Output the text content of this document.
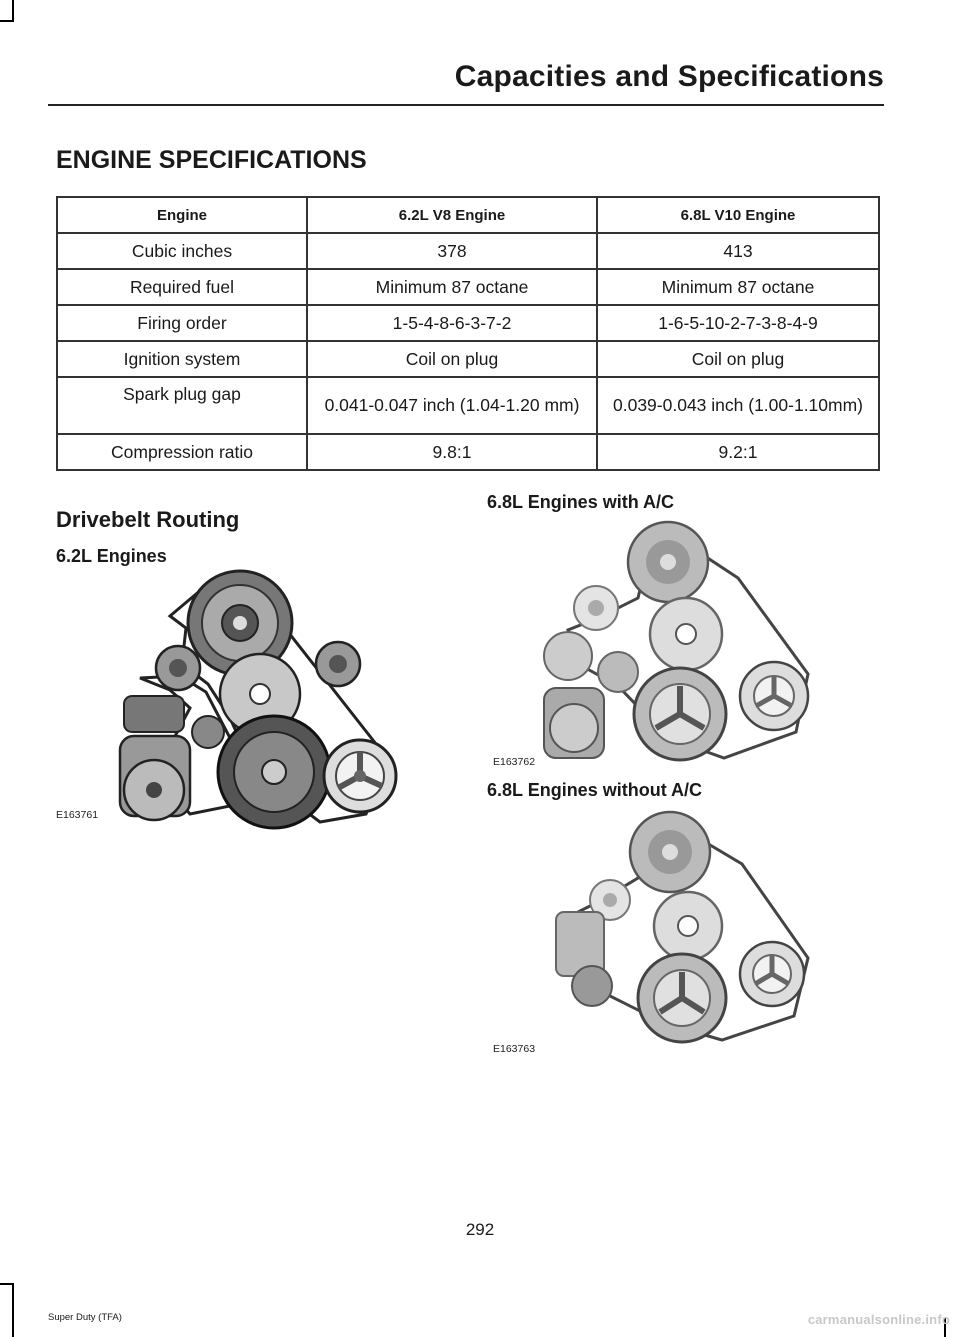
Capacities and Specifications
ENGINE SPECIFICATIONS
Engine	6.2L V8 Engine	6.8L V10 Engine
Cubic inches	378	413
Required fuel	Minimum 87 octane	Minimum 87 octane
Firing order	1-5-4-8-6-3-7-2	1-6-5-10-2-7-3-8-4-9
Ignition system	Coil on plug	Coil on plug
Spark plug gap	0.041-0.047 inch (1.04-1.20 mm)	0.039-0.043 inch (1.00-1.10mm)
Compression ratio	9.8:1	9.2:1
Drivebelt Routing
6.2L Engines
6.8L Engines with A/C
6.8L Engines without A/C
E163761
E163762
E163763
292
Super Duty (TFA)	carmanualsonline.info
